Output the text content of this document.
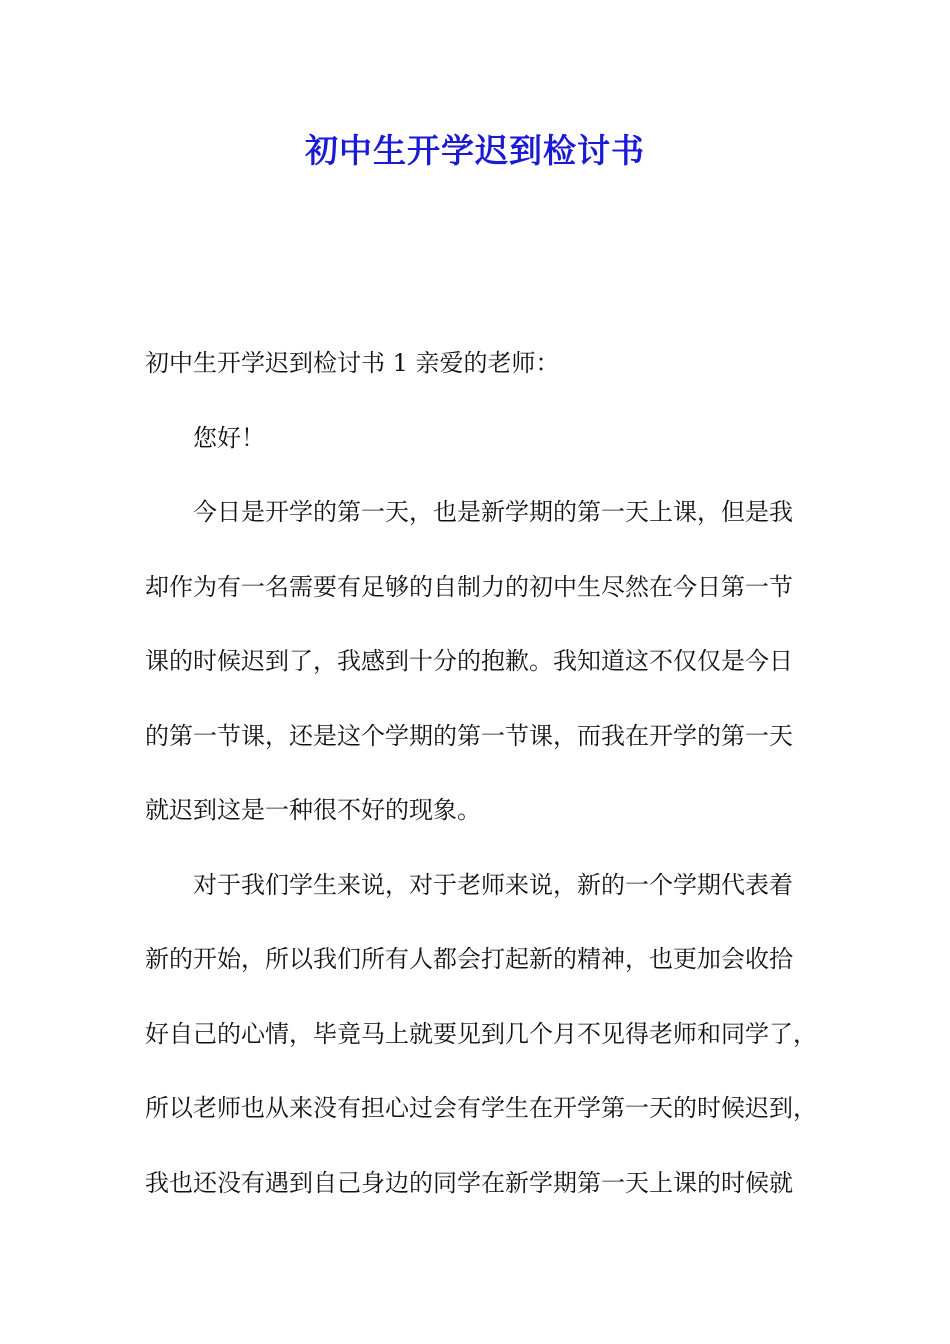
初中生开学迟到检讨书

初中生开学迟到检讨书 1 亲爱的老师：

您好！

今日是开学的第一天，也是新学期的第一天上课，但是我

却作为有一名需要有足够的自制力的初中生尽然在今日第一节

课的时候迟到了，我感到十分的抱歉。我知道这不仅仅是今日

的第一节课，还是这个学期的第一节课，而我在开学的第一天

就迟到这是一种很不好的现象。

对于我们学生来说，对于老师来说，新的一个学期代表着

新的开始，所以我们所有人都会打起新的精神，也更加会收拾

好自己的心情，毕竟马上就要见到几个月不见得老师和同学了，

所以老师也从来没有担心过会有学生在开学第一天的时候迟到，

我也还没有遇到自己身边的同学在新学期第一天上课的时候就
